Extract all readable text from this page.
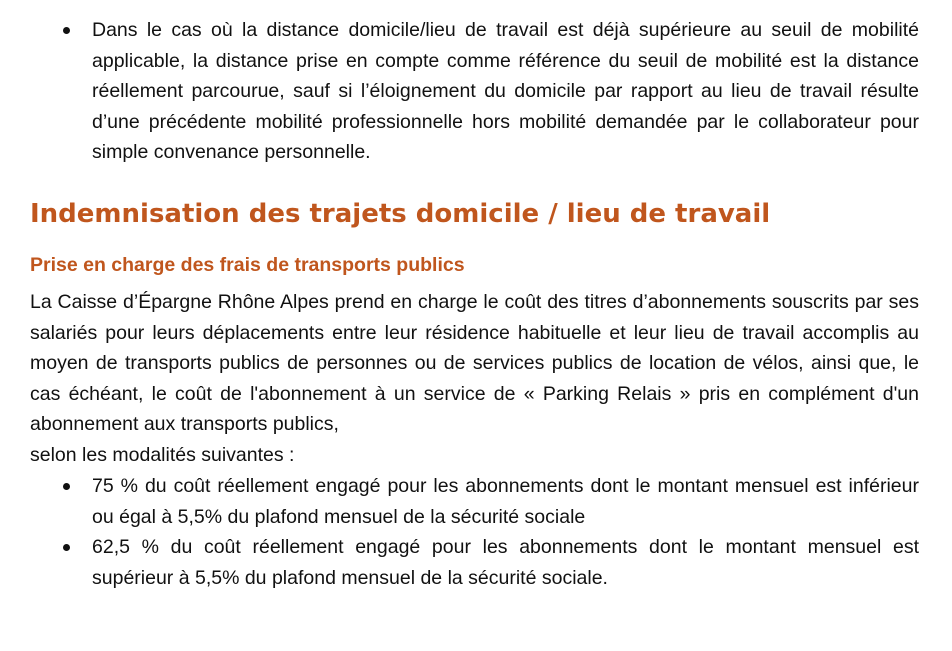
Dans le cas où la distance domicile/lieu de travail est déjà supérieure au seuil de mobilité applicable, la distance prise en compte comme référence du seuil de mobilité est la distance réellement parcourue, sauf si l’éloignement du domicile par rapport au lieu de travail résulte d’une précédente mobilité professionnelle hors mobilité demandée par le collaborateur pour simple convenance personnelle.
Indemnisation des trajets domicile / lieu de travail
Prise en charge des frais de transports publics

La Caisse d’Épargne Rhône Alpes prend en charge le coût des titres d’abonnements souscrits par ses salariés pour leurs déplacements entre leur résidence habituelle et leur lieu de travail accomplis au moyen de transports publics de personnes ou de services publics de location de vélos, ainsi que, le cas échéant, le coût de l'abonnement à un service de « Parking Relais » pris en complément d'un abonnement aux transports publics,

selon les modalités suivantes :

75 % du coût réellement engagé pour les abonnements dont le montant mensuel est inférieur ou égal à 5,5% du plafond mensuel de la sécurité sociale
62,5 % du coût réellement engagé pour les abonnements dont le montant mensuel est supérieur à 5,5% du plafond mensuel de la sécurité sociale.
